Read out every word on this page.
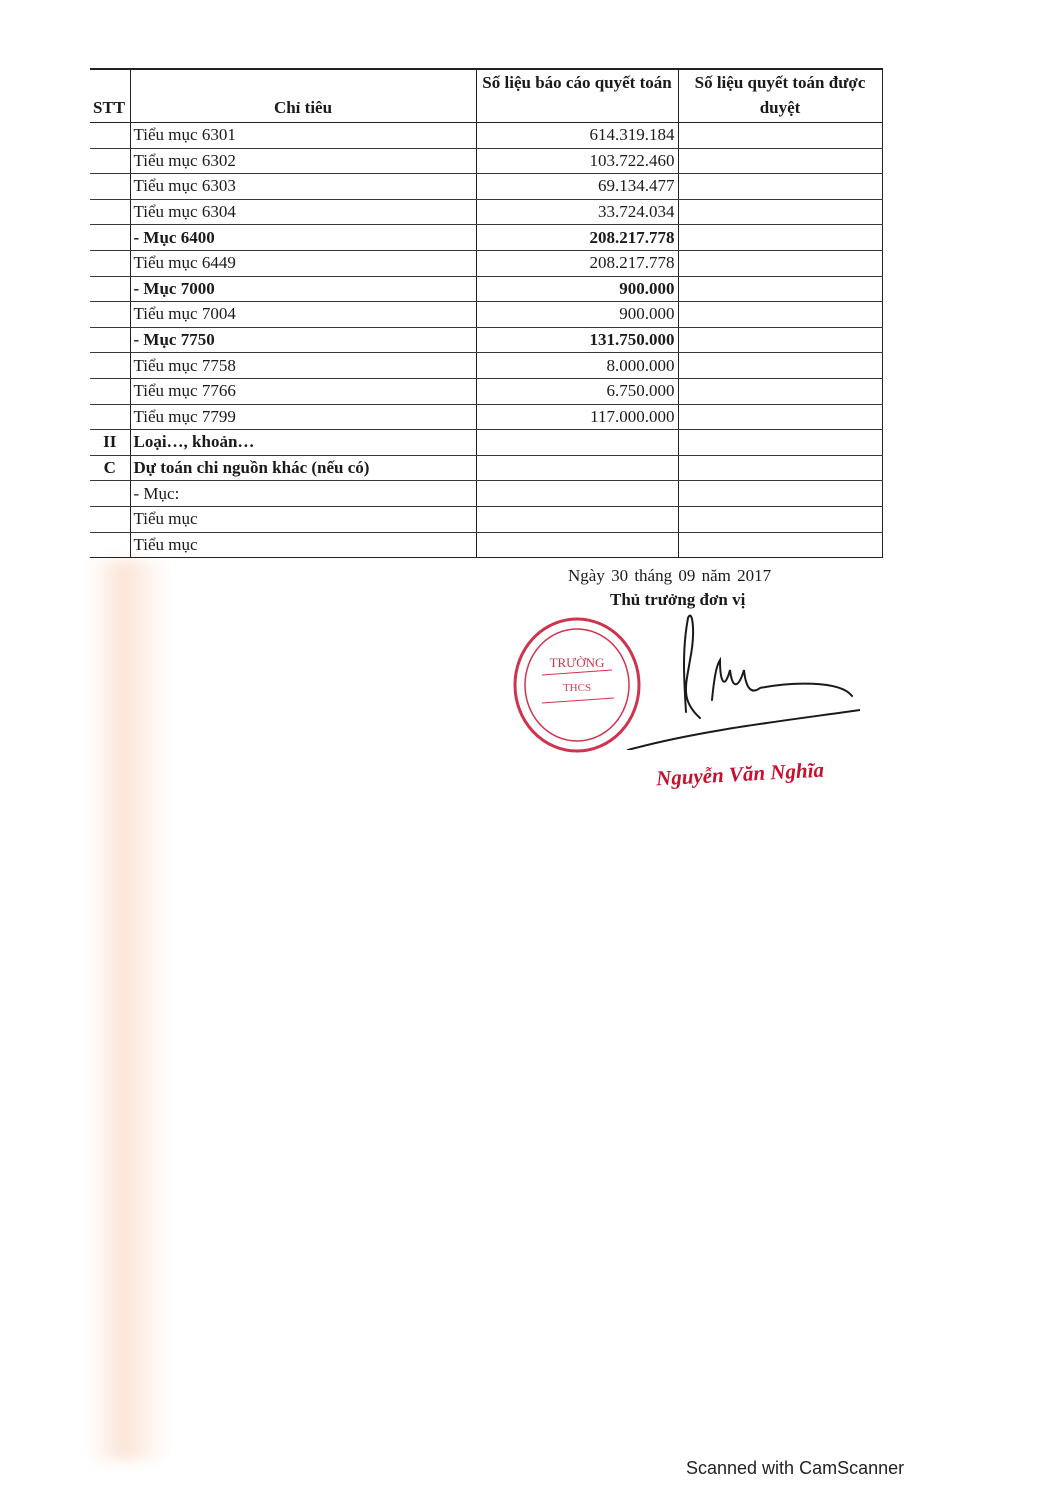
STT	Chỉ tiêu	Số liệu báo cáo quyết toán	Số liệu quyết toán được duyệt
	Tiểu mục 6301	614.319.184	
	Tiểu mục 6302	103.722.460	
	Tiểu mục 6303	69.134.477	
	Tiểu mục 6304	33.724.034	
	- Mục 6400	208.217.778	
	Tiểu mục 6449	208.217.778	
	- Mục 7000	900.000	
	Tiểu mục 7004	900.000	
	- Mục 7750	131.750.000	
	Tiểu mục 7758	8.000.000	
	Tiểu mục 7766	6.750.000	
	Tiểu mục 7799	117.000.000	
II	Loại…, khoản…		
C	Dự toán chi nguồn khác (nếu có)		
	- Mục:		
	Tiểu mục		
	Tiểu mục		
Ngày 30 tháng 09 năm 2017
Thủ trưởng đơn vị
TRƯỜNG
THCS
Nguyễn Văn Nghĩa
Scanned with CamScanner
